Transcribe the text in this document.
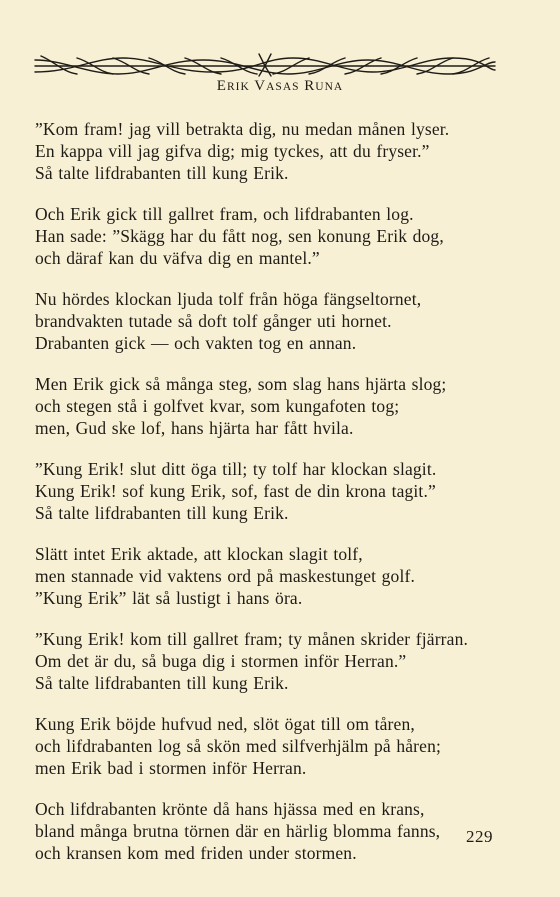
ERIK VASAS RUNA
”Kom fram! jag vill betrakta dig, nu medan månen lyser.
En kappa vill jag gifva dig; mig tyckes, att du fryser.”
Så talte lifdrabanten till kung Erik.
Och Erik gick till gallret fram, och lifdrabanten log.
Han sade: ”Skägg har du fått nog, sen konung Erik dog,
och däraf kan du väfva dig en mantel.”
Nu hördes klockan ljuda tolf från höga fängseltornet,
brandvakten tutade så doft tolf gånger uti hornet.
Drabanten gick — och vakten tog en annan.
Men Erik gick så många steg, som slag hans hjärta slog;
och stegen stå i golfvet kvar, som kungafoten tog;
men, Gud ske lof, hans hjärta har fått hvila.
”Kung Erik! slut ditt öga till; ty tolf har klockan slagit.
Kung Erik! sof kung Erik, sof, fast de din krona tagit.”
Så talte lifdrabanten till kung Erik.
Slätt intet Erik aktade, att klockan slagit tolf,
men stannade vid vaktens ord på maskestunget golf.
”Kung Erik” lät så lustigt i hans öra.
”Kung Erik! kom till gallret fram; ty månen skrider fjärran.
Om det är du, så buga dig i stormen inför Herran.”
Så talte lifdrabanten till kung Erik.
Kung Erik böjde hufvud ned, slöt ögat till om tåren,
och lifdrabanten log så skön med silfverhjälm på håren;
men Erik bad i stormen inför Herran.
Och lifdrabanten krönte då hans hjässa med en krans,
bland många brutna törnen där en härlig blomma fanns,
och kransen kom med friden under stormen.
229
